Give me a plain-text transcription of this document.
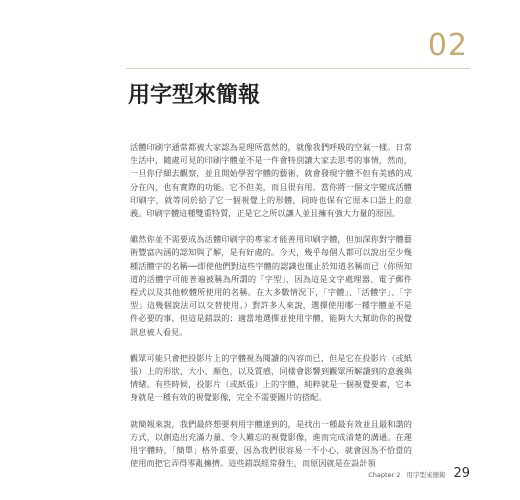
02
用字型來簡報

活體印刷字通常都被大家認為是理所當然的，就像我們呼吸的空氣一樣。日常生活中，隨處可見的印刷字體並不是一件會特別讓大家去思考的事情，然而，一旦你仔細去觀察，並且開始學習字體的藝術，就會發現字體不但有美感的成分在內，也有實際的功能。它不但美，而且很有用。當你將一個文字變成活體印刷字，就等同於給了它一個視覺上的形體，同時也保有它原本口語上的意義。印刷字體這種雙重特質，正是它之所以讓人並且擁有強大力量的原因。

雖然你並不需要成為活體印刷字的專家才能善用印刷字體，但加深你對字體藝術豐富內涵的認知與了解，是有好處的。今天，幾乎每個人都可以說出至少幾種活體字的名稱──即使他們對這些字體的認識也僅止於知道名稱而已（你所知道的活體字可能普遍被稱為所謂的「字型」，因為這是文字處理器、電子郵件程式以及其他軟體所使用的名稱。在大多數情況下，「字體」、「活體字」、「字型」這幾個說法可以交替使用。）對許多人來說，選擇使用哪一種字體並不是件必要的事，但這是錯誤的；適當地選擇並使用字體，能夠大大幫助你的視覺訊息被人看見。

觀眾可能只會把投影片上的字體視為閱讀的內容而已，但是它在投影片（或紙張）上的形狀、大小、顏色，以及質感，同樣會影響到觀眾所解讀到的意義與情緒。有些時候，投影片（或紙張）上的字體，純粹就是一個視覺要素，它本身就是一種有效的視覺影像，完全不需要圖片的搭配。

就簡報來說，我們最終想要利用字體達到的，是找出一種最有效並且最和諧的方式，以創造出充滿力量、令人難忘的視覺影像，進而完成清楚的溝通。在運用字體時，「簡單」格外重要，因為我們很容易一不小心，就會因為不恰當的使用而把它弄得零亂擁擠。這些錯誤經常發生，而原因就是在設計領

Chapter 2 用字型來簡報 29
